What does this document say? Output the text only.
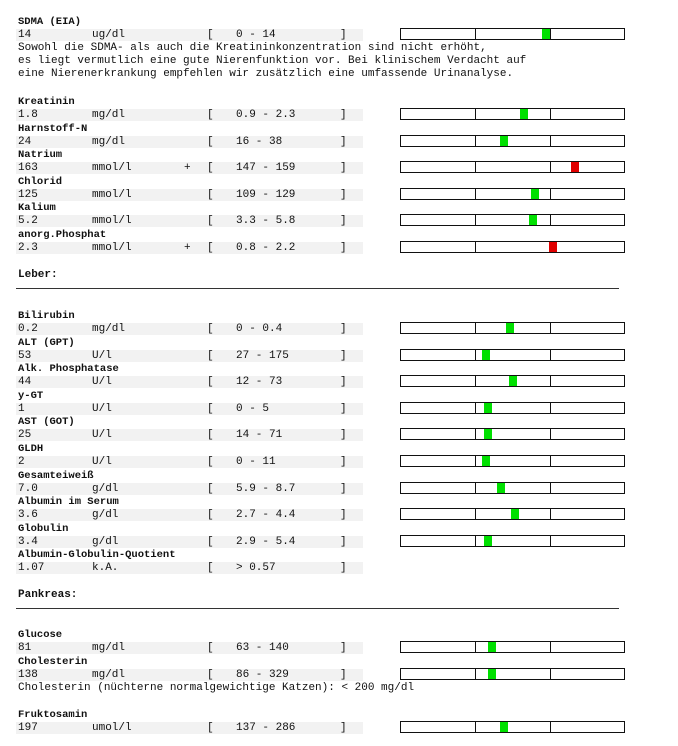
SDMA (EIA)
14	ug/dl	[ 0 - 14	]
Sowohl die SDMA- als auch die Kreatininkonzentration sind nicht erhöht,
es liegt vermutlich eine gute Nierenfunktion vor. Bei klinischem Verdacht auf
eine Nierenerkrankung empfehlen wir zusätzlich eine umfassende Urinanalyse.
Kreatinin
1.8	mg/dl	[ 0.9 - 2.3	]
Harnstoff-N
24	mg/dl	[ 16 - 38	]
Natrium
163	mmol/l	+ [ 147 - 159	]
Chlorid
125	mmol/l	[ 109 - 129	]
Kalium
5.2	mmol/l	[ 3.3 - 5.8	]
anorg.Phosphat
2.3	mmol/l	+ [ 0.8 - 2.2	]
Leber:
Bilirubin
0.2	mg/dl	[ 0 - 0.4	]
ALT (GPT)
53	U/l	[ 27 - 175	]
Alk. Phosphatase
44	U/l	[ 12 - 73	]
y-GT
1	U/l	[ 0 - 5	]
AST (GOT)
25	U/l	[ 14 - 71	]
GLDH
2	U/l	[ 0 - 11	]
Gesamteiweiß
7.0	g/dl	[ 5.9 - 8.7	]
Albumin im Serum
3.6	g/dl	[ 2.7 - 4.4	]
Globulin
3.4	g/dl	[ 2.9 - 5.4	]
Albumin-Globulin-Quotient
1.07	k.A.	[ > 0.57	]
Pankreas:
Glucose
81	mg/dl	[ 63 - 140	]
Cholesterin
138	mg/dl	[ 86 - 329	]
Cholesterin (nüchterne normalgewichtige Katzen): < 200 mg/dl
Fruktosamin
197	umol/l	[ 137 - 286	]
